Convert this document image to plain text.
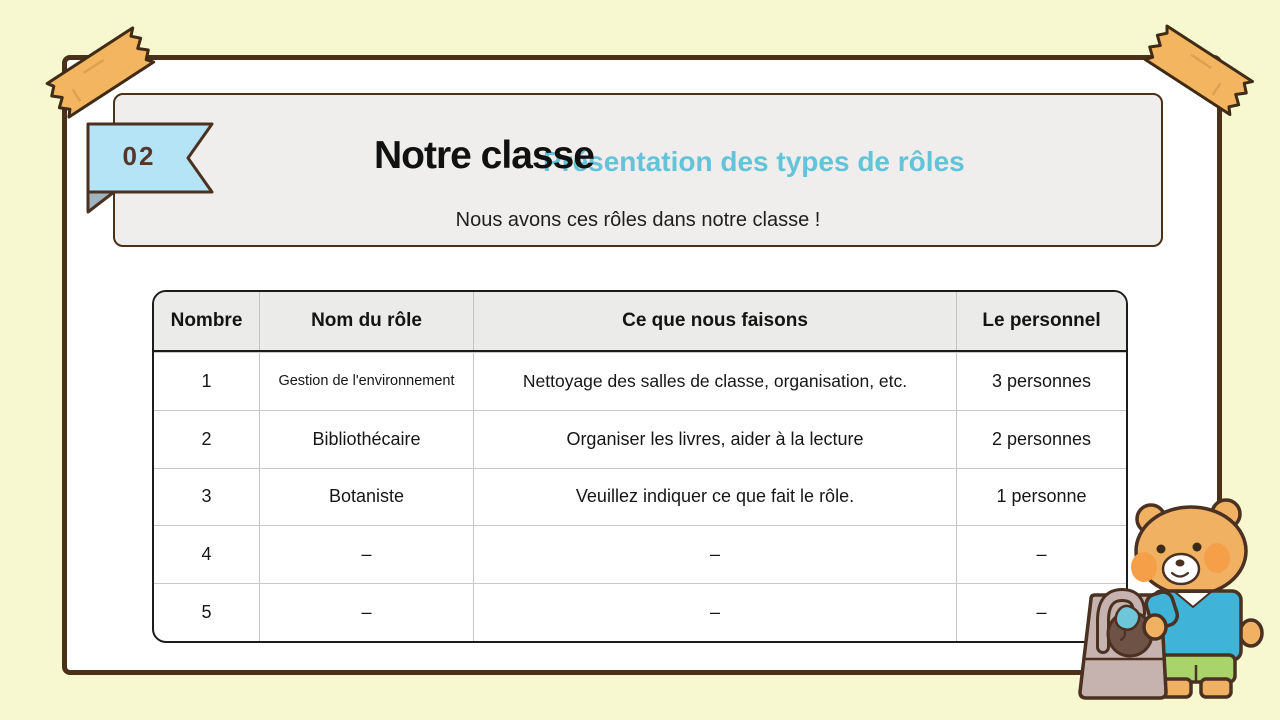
Présentation des types de rôles
Notre classe
Nous avons ces rôles dans notre classe !
02
Nombre	Nom du rôle	Ce que nous faisons	Le personnel
1	Gestion de l'environnement	Nettoyage des salles de classe, organisation, etc.	3 personnes
2	Bibliothécaire	Organiser les livres, aider à la lecture	2 personnes
3	Botaniste	Veuillez indiquer ce que fait le rôle.	1 personne
4	–	–	–
5	–	–	–
